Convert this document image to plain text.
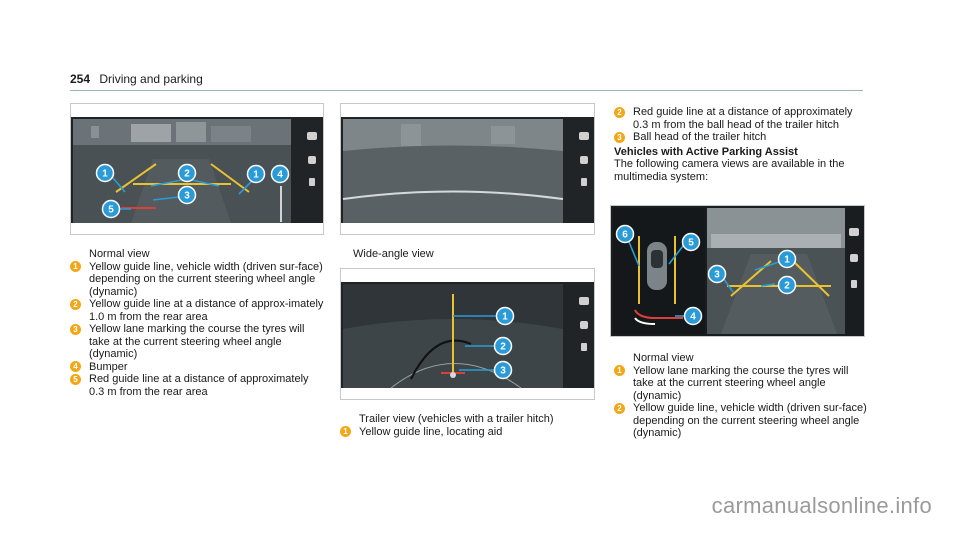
254 Driving and parking
1	2	1 4
3
5
Normal view
1 Yellow guide line, vehicle width (driven sur-face) depending on the current steering wheel angle (dynamic)
2 Yellow guide line at a distance of approx-imately 1.0 m from the rear area
3 Yellow lane marking the course the tyres will take at the current steering wheel angle (dynamic)
4 Bumper
5 Red guide line at a distance of approximately 0.3 m from the rear area
Wide-angle view
1
2
3
Trailer view (vehicles with a trailer hitch)
1 Yellow guide line, locating aid
2 Red guide line at a distance of approximately 0.3 m from the ball head of the trailer hitch
3 Ball head of the trailer hitch
Vehicles with Active Parking Assist
The following camera views are available in the multimedia system:
6
5
1
3
2
4
Normal view
1 Yellow lane marking the course the tyres will take at the current steering wheel angle (dynamic)
2 Yellow guide line, vehicle width (driven sur-face) depending on the current steering wheel angle (dynamic)
carmanualsonline.info
